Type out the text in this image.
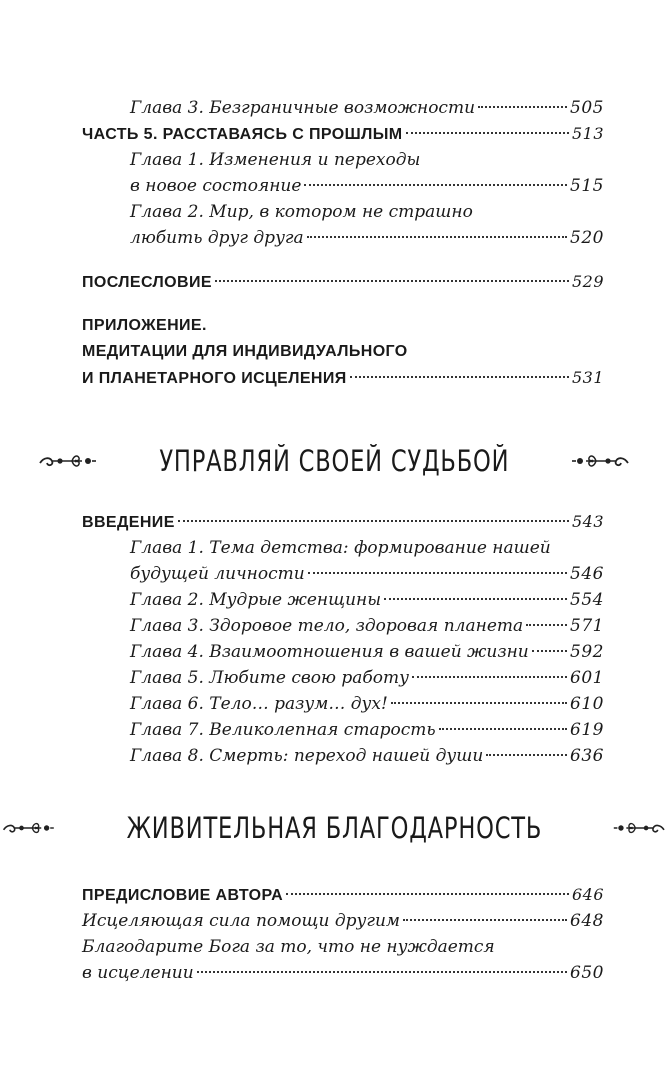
Глава 3. Безграничные возможности	505
ЧАСТЬ 5. РАССТАВАЯСЬ С ПРОШЛЫМ	513
Глава 1. Изменения и переходы
в новое состояние	515
Глава 2. Мир, в котором не страшно
любить друг друга	520
ПОСЛЕСЛОВИЕ	529
ПРИЛОЖЕНИЕ.
МЕДИТАЦИИ ДЛЯ ИНДИВИДУАЛЬНОГО
И ПЛАНЕТАРНОГО ИСЦЕЛЕНИЯ	531
УПРАВЛЯЙ СВОЕЙ СУДЬБОЙ
ВВЕДЕНИЕ	543
Глава 1. Тема детства: формирование нашей
будущей личности	546
Глава 2. Мудрые женщины	554
Глава 3. Здоровое тело, здоровая планета	571
Глава 4. Взаимоотношения в вашей жизни 592
Глава 5. Любите свою работу	601
Глава 6. Тело… разум… дух!	610
Глава 7. Великолепная старость	619
Глава 8. Смерть: переход нашей души	636
ЖИВИТЕЛЬНАЯ БЛАГОДАРНОСТЬ
ПРЕДИСЛОВИЕ АВТОРА	646
Исцеляющая сила помощи другим	648
Благодарите Бога за то, что не нуждается
в исцелении	650
